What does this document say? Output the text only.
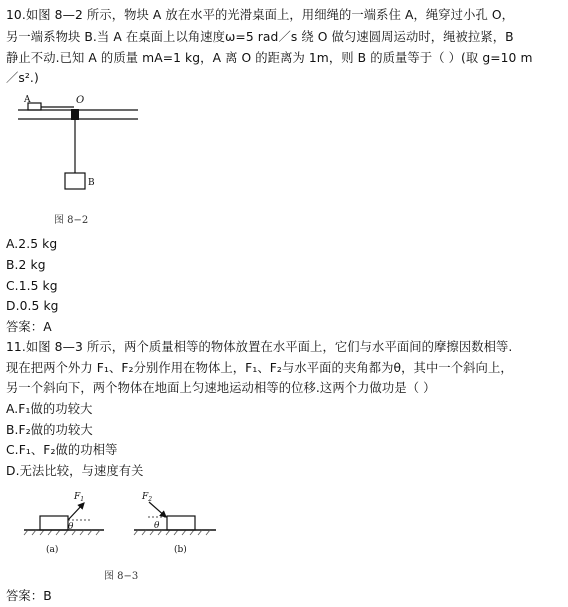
10.如图 8—2 所示，物块 A 放在水平的光滑桌面上，用细绳的一端系住 A，绳穿过小孔 O，
另一端系物块 B.当 A 在桌面上以角速度ω=5 rad／s 绕 O 做匀速圆周运动时，绳被拉紧，B
静止不动.已知 A 的质量 mA=1 kg，A 离 O 的距离为 1m，则 B 的质量等于（ ）(取 g=10 m
／s².)
A	O
B
图 8−2
A.2.5 kg
B.2 kg
C.1.5 kg
D.0.5 kg
答案：A
11.如图 8—3 所示，两个质量相等的物体放置在水平面上，它们与水平面间的摩擦因数相等.
现在把两个外力 F₁、F₂分别作用在物体上，F₁、F₂与水平面的夹角都为θ，其中一个斜向上，
另一个斜向下，两个物体在地面上匀速地运动相等的位移.这两个力做功是（ ）
A.F₁做的功较大
B.F₂做的功较大
C.F₁、F₂做的功相等
D.无法比较，与速度有关
$F_1$
θ
(a)
$F_2$
θ
(b)
图 8−3
答案：B
